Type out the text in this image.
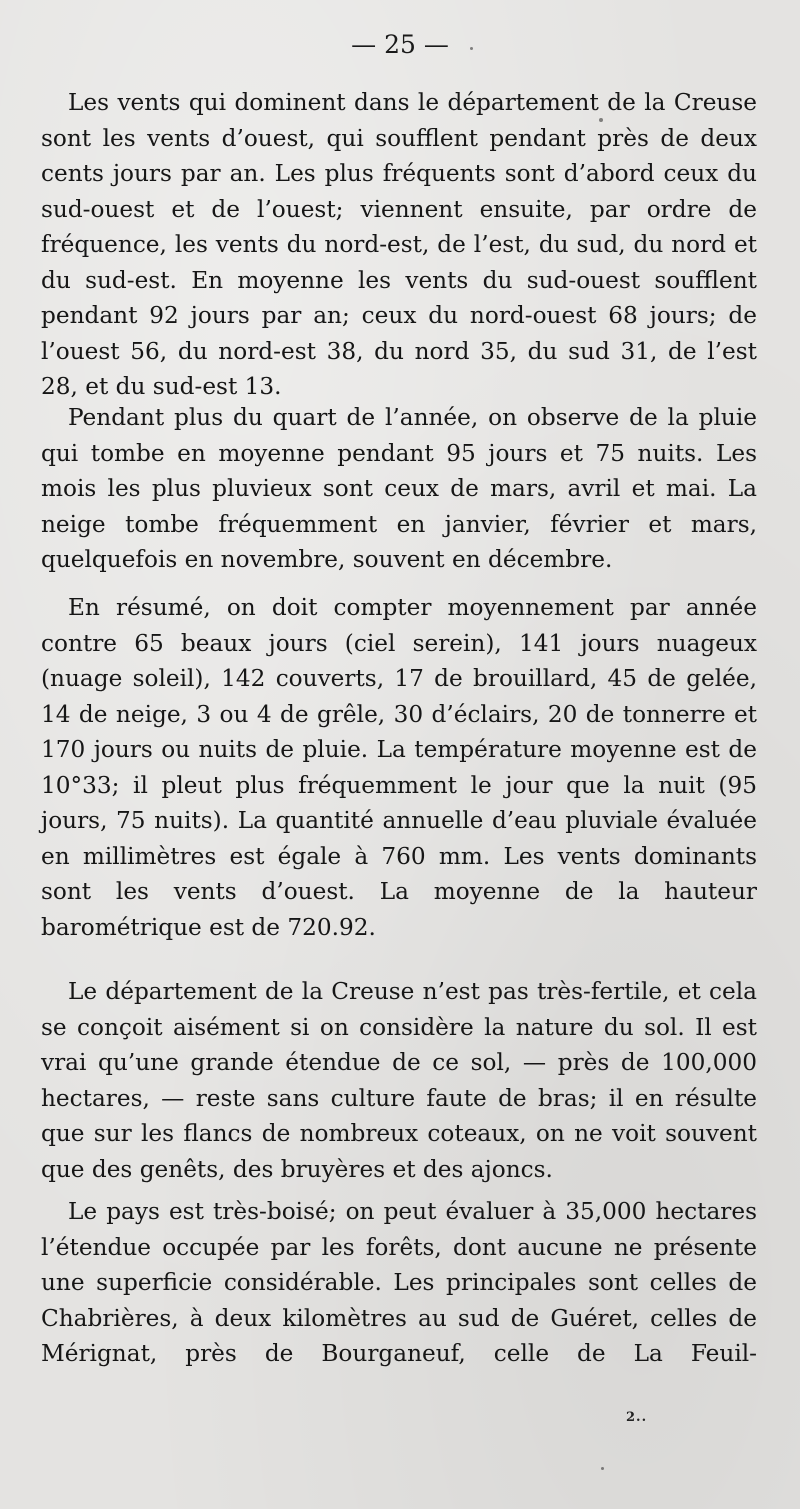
— 25 —

Les vents qui dominent dans le département de la Creuse sont les vents d’ouest, qui soufflent pendant près de deux cents jours par an. Les plus fréquents sont d’abord ceux du sud-ouest et de l’ouest; viennent ensuite, par ordre de fréquence, les vents du nord-est, de l’est, du sud, du nord et du sud-est. En moyenne les vents du sud-ouest soufflent pendant 92 jours par an; ceux du nord-ouest 68 jours; de l’ouest 56, du nord-est 38, du nord 35, du sud 31, de l’est 28, et du sud-est 13.

Pendant plus du quart de l’année, on observe de la pluie qui tombe en moyenne pendant 95 jours et 75 nuits. Les mois les plus pluvieux sont ceux de mars, avril et mai. La neige tombe fréquemment en janvier, février et mars, quelquefois en novembre, souvent en décembre.

En résumé, on doit compter moyennement par année contre 65 beaux jours (ciel serein), 141 jours nuageux (nuage soleil), 142 couverts, 17 de brouillard, 45 de gelée, 14 de neige, 3 ou 4 de grêle, 30 d’éclairs, 20 de tonnerre et 170 jours ou nuits de pluie. La température moyenne est de 10°33; il pleut plus fréquemment le jour que la nuit (95 jours, 75 nuits). La quantité annuelle d’eau pluviale évaluée en millimètres est égale à 760 mm. Les vents dominants sont les vents d’ouest. La moyenne de la hauteur barométrique est de 720.92.

Le département de la Creuse n’est pas très-fertile, et cela se conçoit aisément si on considère la nature du sol. Il est vrai qu’une grande étendue de ce sol, — près de 100,000 hectares, — reste sans culture faute de bras; il en résulte que sur les flancs de nombreux coteaux, on ne voit souvent que des genêts, des bruyères et des ajoncs.

Le pays est très-boisé; on peut évaluer à 35,000 hectares l’étendue occupée par les forêts, dont aucune ne présente une superficie considérable. Les principales sont celles de Chabrières, à deux kilomètres au sud de Guéret, celles de Mérignat, près de Bourganeuf, celle de La Feuil-

2..
